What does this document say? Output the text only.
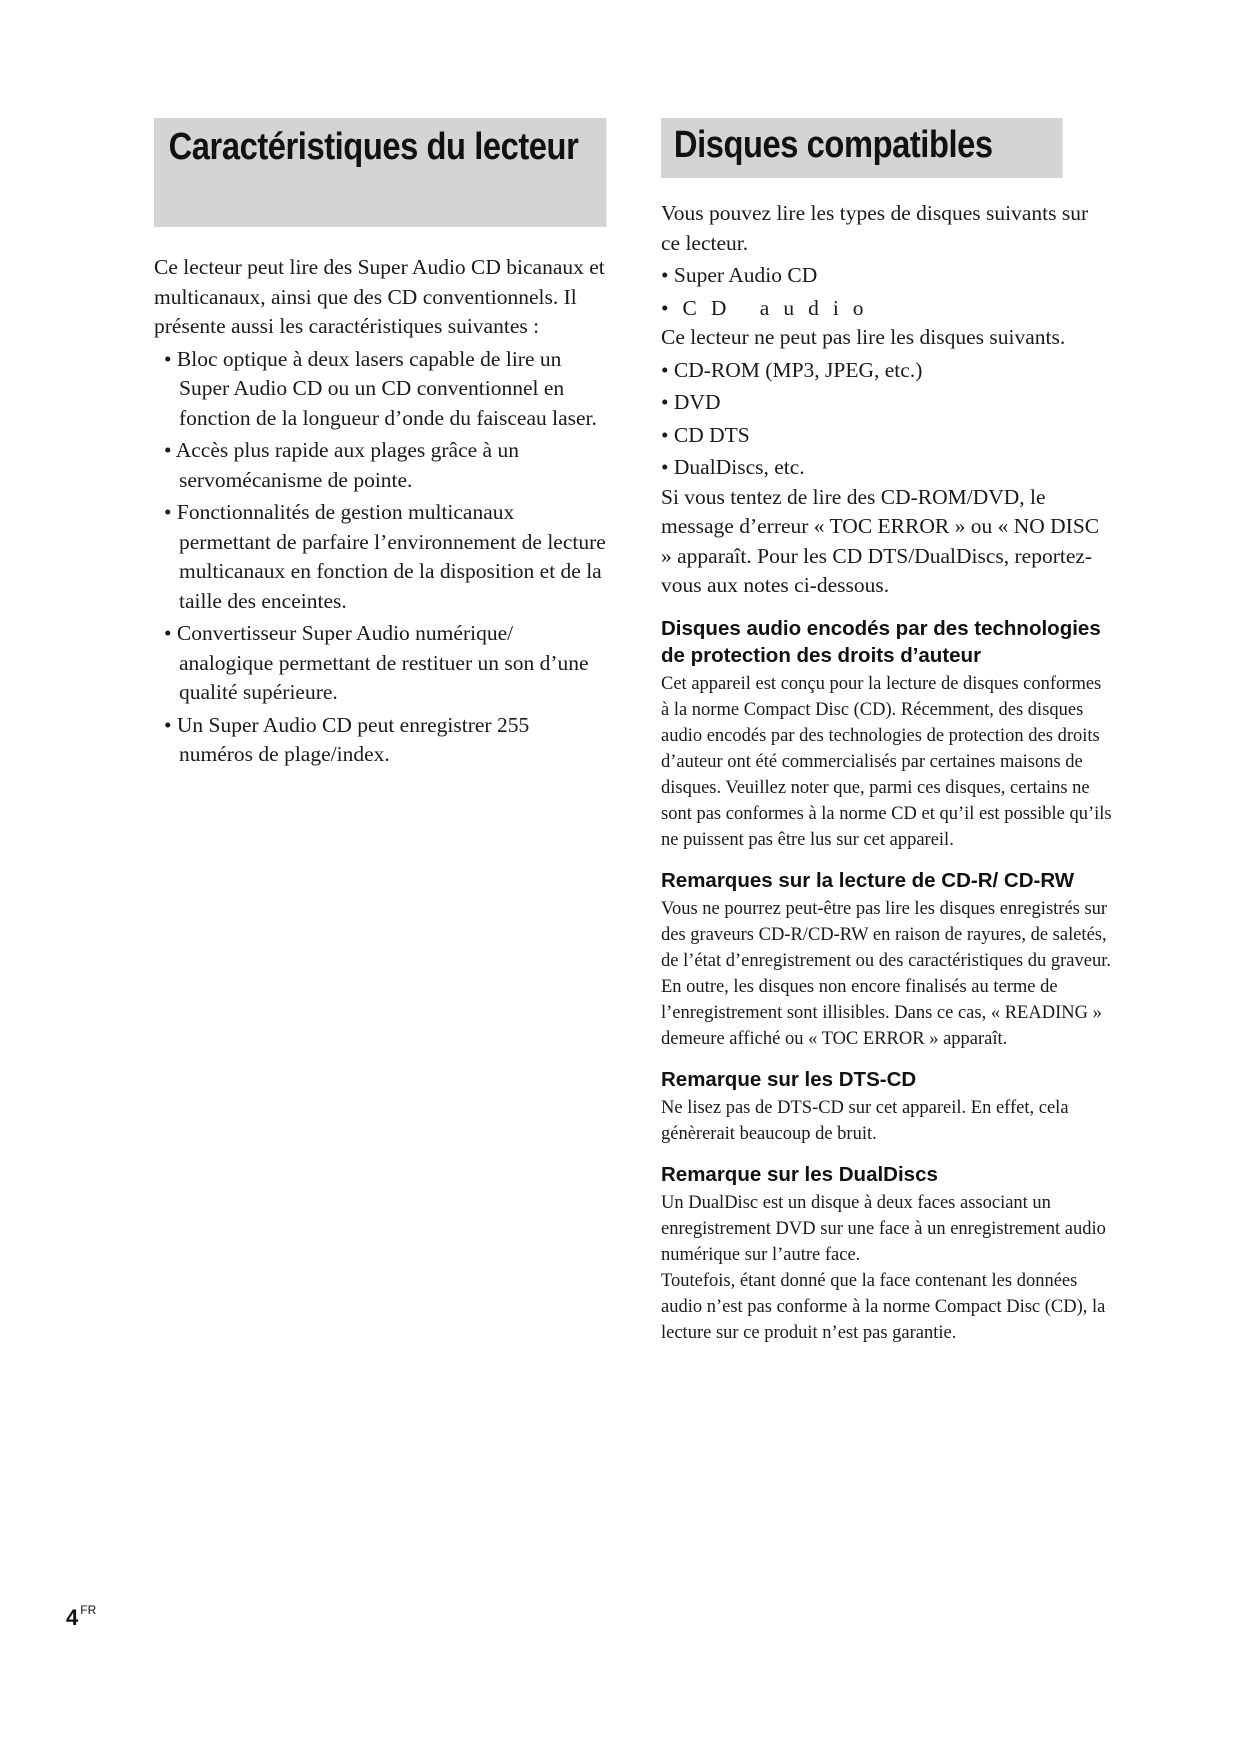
Caractéristiques du lecteur

Ce lecteur peut lire des Super Audio CD bicanaux et multicanaux, ainsi que des CD conventionnels. Il présente aussi les caractéristiques suivantes :

• Bloc optique à deux lasers capable de lire un Super Audio CD ou un CD conventionnel en fonction de la longueur d’onde du faisceau laser.
• Accès plus rapide aux plages grâce à un servomécanisme de pointe.
• Fonctionnalités de gestion multicanaux permettant de parfaire l’environnement de lecture multicanaux en fonction de la disposition et de la taille des enceintes.
• Convertisseur Super Audio numérique/ analogique permettant de restituer un son d’une qualité supérieure.
• Un Super Audio CD peut enregistrer 255 numéros de plage/index.
Disques compatibles

Vous pouvez lire les types de disques suivants sur ce lecteur.

• Super Audio CD
•CD audio

Ce lecteur ne peut pas lire les disques suivants.

• CD-ROM (MP3, JPEG, etc.)
• DVD
• CD DTS
• DualDiscs, etc.

Si vous tentez de lire des CD-ROM/DVD, le message d’erreur « TOC ERROR » ou « NO DISC » apparaît. Pour les CD DTS/DualDiscs, reportez-vous aux notes ci-dessous.

Disques audio encodés par des technologies de protection des droits d’auteur

Cet appareil est conçu pour la lecture de disques conformes à la norme Compact Disc (CD). Récemment, des disques audio encodés par des technologies de protection des droits d’auteur ont été commercialisés par certaines maisons de disques. Veuillez noter que, parmi ces disques, certains ne sont pas conformes à la norme CD et qu’il est possible qu’ils ne puissent pas être lus sur cet appareil.

Remarques sur la lecture de CD-R/ CD-RW

Vous ne pourrez peut-être pas lire les disques enregistrés sur des graveurs CD-R/CD-RW en raison de rayures, de saletés, de l’état d’enregistrement ou des caractéristiques du graveur. En outre, les disques non encore finalisés au terme de l’enregistrement sont illisibles. Dans ce cas, « READING » demeure affiché ou « TOC ERROR » apparaît.

Remarque sur les DTS-CD

Ne lisez pas de DTS-CD sur cet appareil. En effet, cela génèrerait beaucoup de bruit.

Remarque sur les DualDiscs

Un DualDisc est un disque à deux faces associant un enregistrement DVD sur une face à un enregistrement audio numérique sur l’autre face.

Toutefois, étant donné que la face contenant les données audio n’est pas conforme à la norme Compact Disc (CD), la lecture sur ce produit n’est pas garantie.

4 $^{FR}$
